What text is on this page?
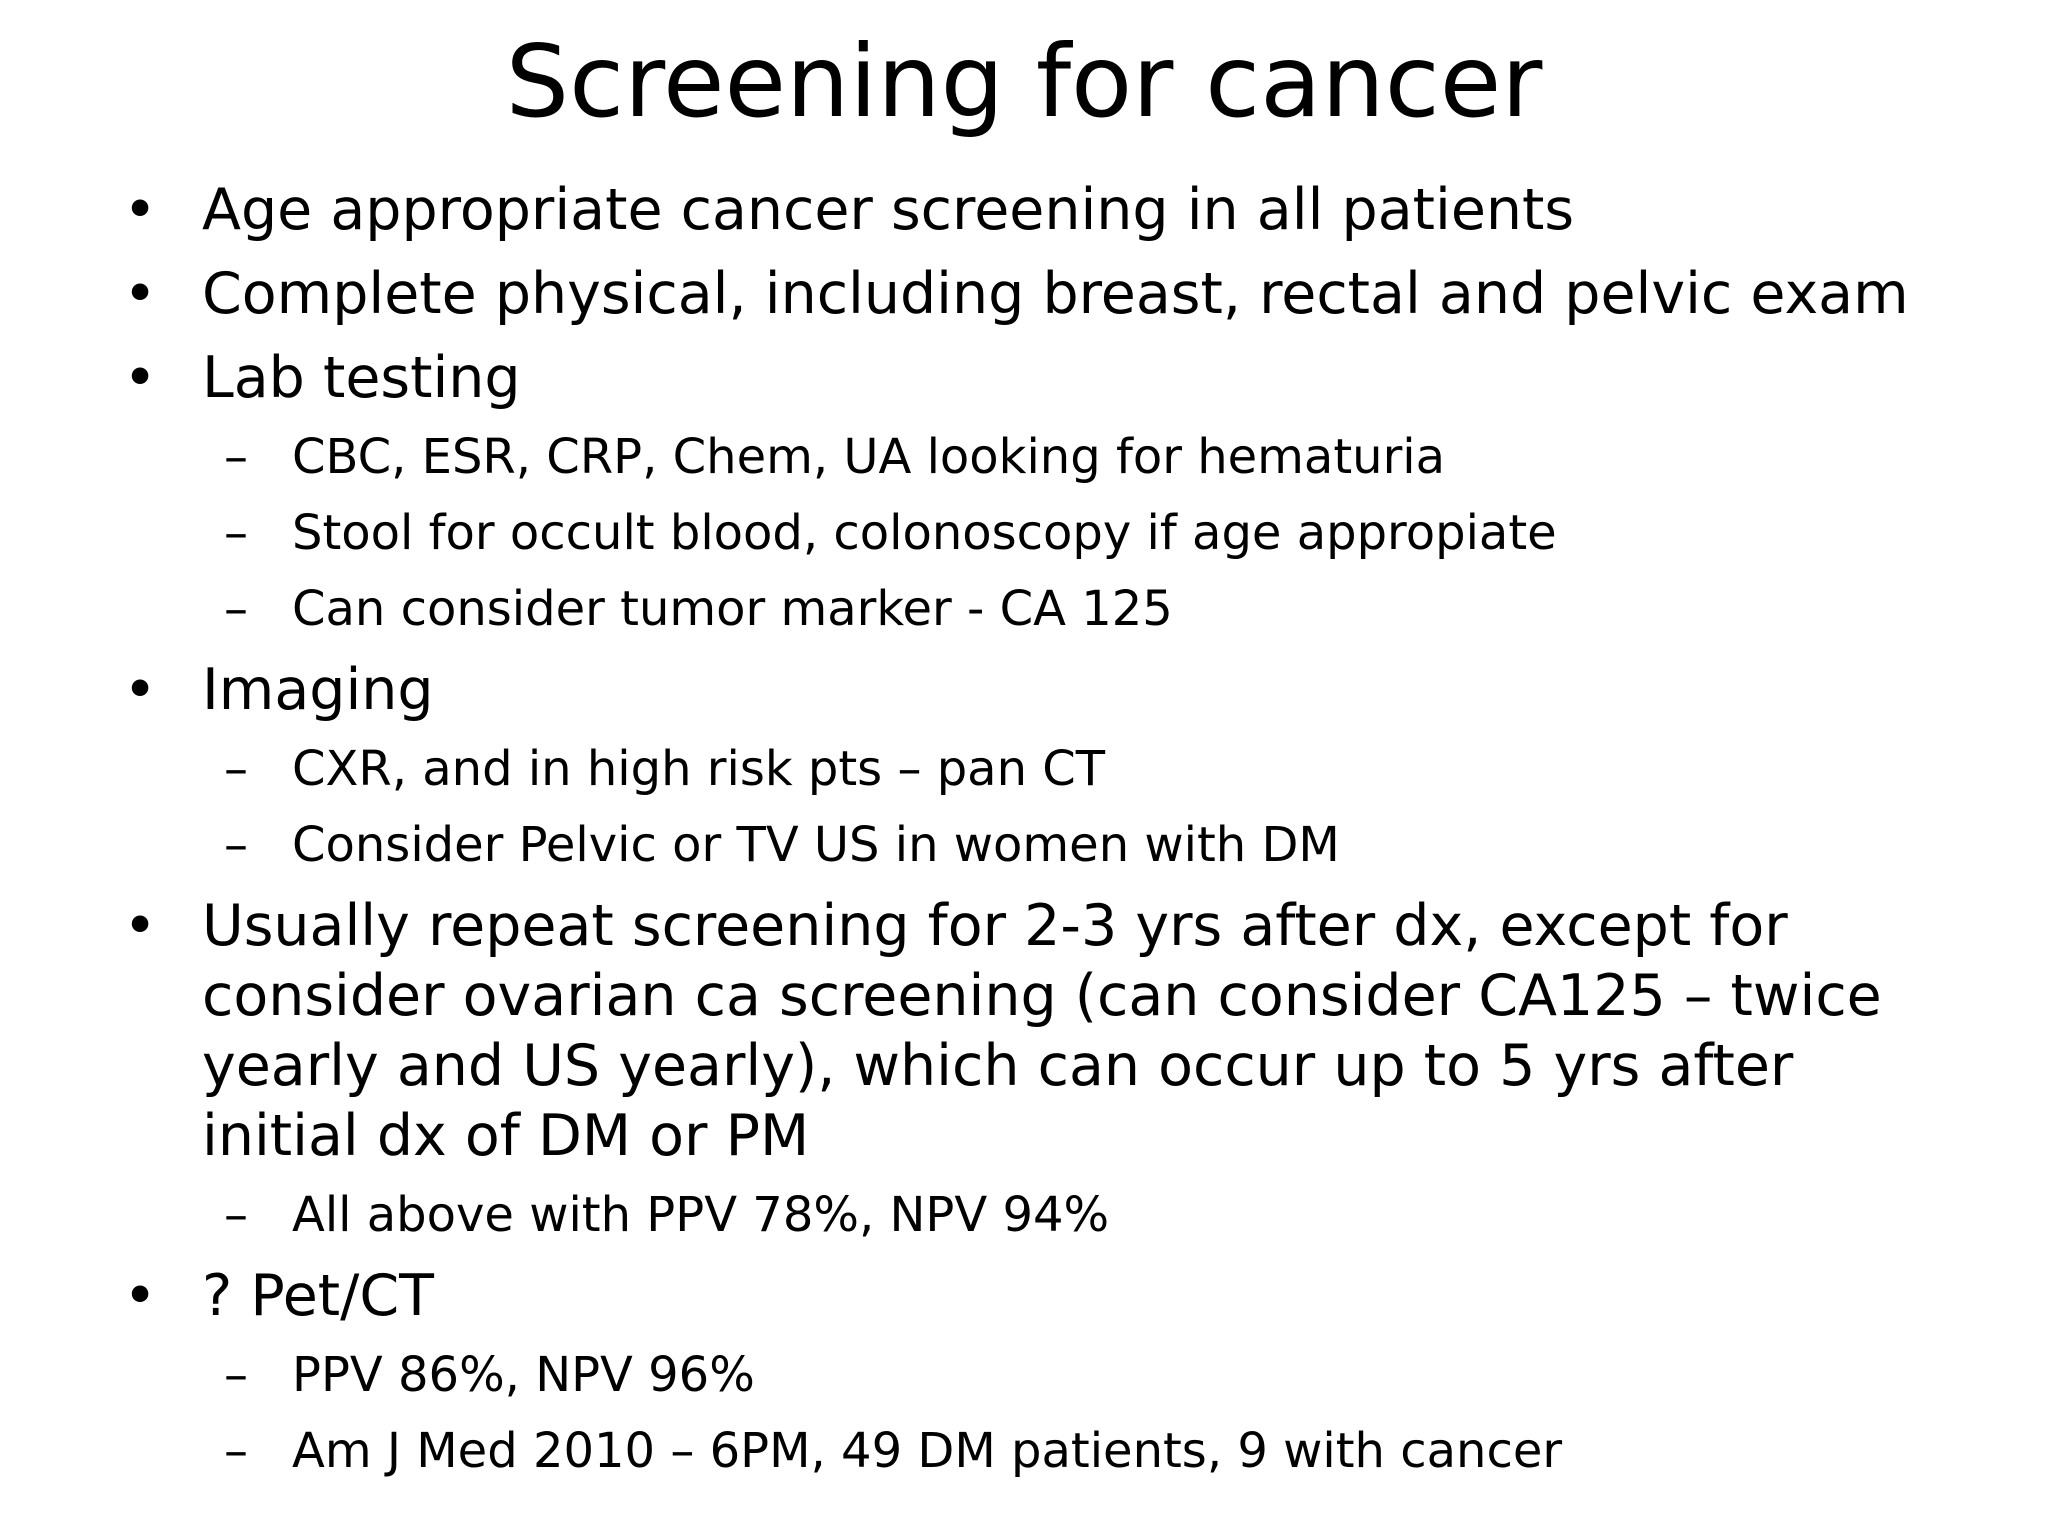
Screening for cancer
• Age appropriate cancer screening in all patients
• Complete physical, including breast, rectal and pelvic exam
• Lab testing
– CBC, ESR, CRP, Chem, UA looking for hematuria
– Stool for occult blood, colonoscopy if age appropiate
– Can consider tumor marker - CA 125
• Imaging
– CXR, and in high risk pts – pan CT
– Consider Pelvic or TV US in women with DM
• Usually repeat screening for 2-3 yrs after dx, except for consider ovarian ca screening (can consider CA125 – twice yearly and US yearly), which can occur up to 5 yrs after initial dx of DM or PM
– All above with PPV 78%, NPV 94%
• ? Pet/CT
– PPV 86%, NPV 96%
– Am J Med 2010 – 6PM, 49 DM patients, 9 with cancer
